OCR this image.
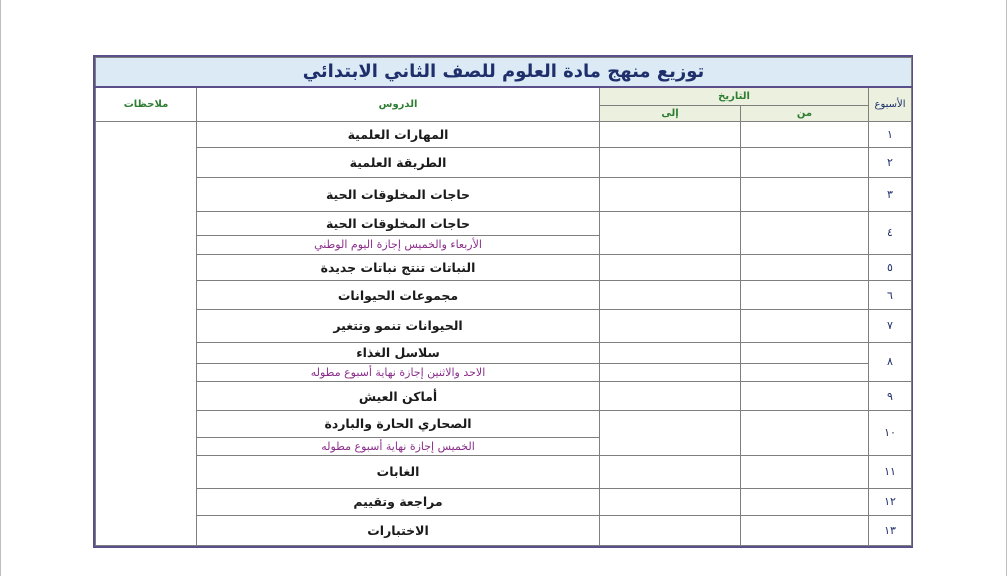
توزيع منهج مادة العلوم للصف الثاني الابتدائي				
الأسبوع	التاريخ		الدروس	ملاحظات
	من	إلى		
١			المهارات العلمية	
٢			الطريقة العلمية	
٣			حاجات المخلوقات الحية	
٤			حاجات المخلوقات الحية	
			الأربعاء والخميس إجازة اليوم الوطني	
٥			النباتات تنتج نباتات جديدة	
٦			مجموعات الحيوانات	
٧			الحيوانات تنمو وتتغير	
٨			سلاسل الغذاء	
			الاحد والاثنين إجازة نهاية أسبوع مطوله	
٩			أماكن العيش	
١٠			الصحاري الحارة والباردة	
			الخميس إجازة نهاية أسبوع مطوله	
١١			الغابات	
١٢			مراجعة وتقييم	
١٣			الاختبارات	
